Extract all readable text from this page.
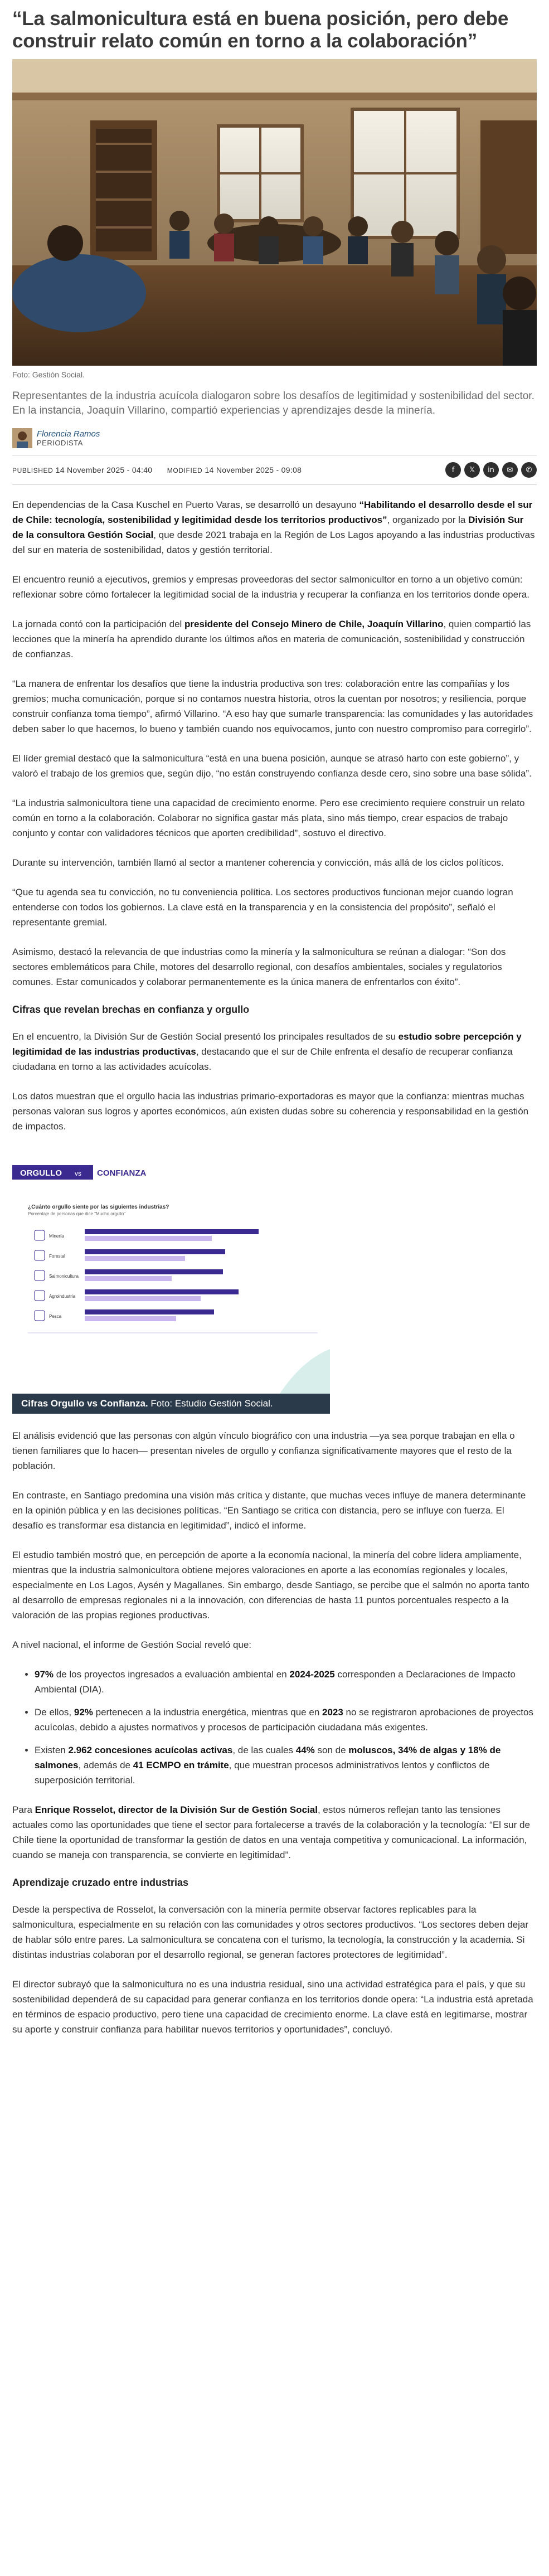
“La salmonicultura está en buena posición, pero debe construir relato común en torno a la colaboración”
Foto: Gestión Social.

Representantes de la industria acuícola dialogaron sobre los desafíos de legitimidad y sostenibilidad del sector. En la instancia, Joaquín Villarino, compartió experiencias y aprendizajes desde la minería.

Florencia Ramos
PERIODISTA
PUBLISHED 14 November 2025 - 04:40 MODIFIED 14 November 2025 - 09:08	f	𝕏	in	✉	✆

En dependencias de la Casa Kuschel en Puerto Varas, se desarrolló un desayuno “Habilitando el desarrollo desde el sur de Chile: tecnología, sostenibilidad y legitimidad desde los territorios productivos”, organizado por la División Sur de la consultora Gestión Social, que desde 2021 trabaja en la Región de Los Lagos apoyando a las industrias productivas del sur en materia de sostenibilidad, datos y gestión territorial.

El encuentro reunió a ejecutivos, gremios y empresas proveedoras del sector salmonicultor en torno a un objetivo común: reflexionar sobre cómo fortalecer la legitimidad social de la industria y recuperar la confianza en los territorios donde opera.

La jornada contó con la participación del presidente del Consejo Minero de Chile, Joaquín Villarino, quien compartió las lecciones que la minería ha aprendido durante los últimos años en materia de comunicación, sostenibilidad y construcción de confianzas.

“La manera de enfrentar los desafíos que tiene la industria productiva son tres: colaboración entre las compañías y los gremios; mucha comunicación, porque si no contamos nuestra historia, otros la cuentan por nosotros; y resiliencia, porque construir confianza toma tiempo”, afirmó Villarino. “A eso hay que sumarle transparencia: las comunidades y las autoridades deben saber lo que hacemos, lo bueno y también cuando nos equivocamos, junto con nuestro compromiso para corregirlo”.

El líder gremial destacó que la salmonicultura “está en una buena posición, aunque se atrasó harto con este gobierno”, y valoró el trabajo de los gremios que, según dijo, “no están construyendo confianza desde cero, sino sobre una base sólida”.

“La industria salmonicultora tiene una capacidad de crecimiento enorme. Pero ese crecimiento requiere construir un relato común en torno a la colaboración. Colaborar no significa gastar más plata, sino más tiempo, crear espacios de trabajo conjunto y contar con validadores técnicos que aporten credibilidad”, sostuvo el directivo.

Durante su intervención, también llamó al sector a mantener coherencia y convicción, más allá de los ciclos políticos.

“Que tu agenda sea tu convicción, no tu conveniencia política. Los sectores productivos funcionan mejor cuando logran entenderse con todos los gobiernos. La clave está en la transparencia y en la consistencia del propósito”, señaló el representante gremial.

Asimismo, destacó la relevancia de que industrias como la minería y la salmonicultura se reúnan a dialogar: “Son dos sectores emblemáticos para Chile, motores del desarrollo regional, con desafíos ambientales, sociales y regulatorios comunes. Estar comunicados y colaborar permanentemente es la única manera de enfrentarlos con éxito”.

Cifras que revelan brechas en confianza y orgullo

En el encuentro, la División Sur de Gestión Social presentó los principales resultados de su estudio sobre percepción y legitimidad de las industrias productivas, destacando que el sur de Chile enfrenta el desafío de recuperar confianza ciudadana en torno a las actividades acuícolas.

Los datos muestran que el orgullo hacia las industrias primario-exportadoras es mayor que la confianza: mientras muchas personas valoran sus logros y aportes económicos, aún existen dudas sobre su coherencia y responsabilidad en la gestión de impactos.

ORGULLO vs CONFIANZA
¿Cuánto orgullo siente por las siguientes industrias?
Porcentaje de personas que dice "Mucho orgullo"
Minería
Forestal
Salmonicultura
Agroindustria
Pesca
Cifras Orgullo vs Confianza. Foto: Estudio Gestión Social.

El análisis evidenció que las personas con algún vínculo biográfico con una industria —ya sea porque trabajan en ella o tienen familiares que lo hacen— presentan niveles de orgullo y confianza significativamente mayores que el resto de la población.

En contraste, en Santiago predomina una visión más crítica y distante, que muchas veces influye de manera determinante en la opinión pública y en las decisiones políticas. “En Santiago se critica con distancia, pero se influye con fuerza. El desafío es transformar esa distancia en legitimidad”, indicó el informe.

El estudio también mostró que, en percepción de aporte a la economía nacional, la minería del cobre lidera ampliamente, mientras que la industria salmonicultora obtiene mejores valoraciones en aporte a las economías regionales y locales, especialmente en Los Lagos, Aysén y Magallanes. Sin embargo, desde Santiago, se percibe que el salmón no aporta tanto al desarrollo de empresas regionales ni a la innovación, con diferencias de hasta 11 puntos porcentuales respecto a la valoración de las propias regiones productivas.

A nivel nacional, el informe de Gestión Social reveló que:

• 97% de los proyectos ingresados a evaluación ambiental en 2024-2025 corresponden a Declaraciones de Impacto Ambiental (DIA).
• De ellos, 92% pertenecen a la industria energética, mientras que en 2023 no se registraron aprobaciones de proyectos acuícolas, debido a ajustes normativos y procesos de participación ciudadana más exigentes.
• Existen 2.962 concesiones acuícolas activas, de las cuales 44% son de moluscos, 34% de algas y 18% de salmones, además de 41 ECMPO en trámite, que muestran procesos administrativos lentos y conflictos de superposición territorial.

Para Enrique Rosselot, director de la División Sur de Gestión Social, estos números reflejan tanto las tensiones actuales como las oportunidades que tiene el sector para fortalecerse a través de la colaboración y la tecnología: “El sur de Chile tiene la oportunidad de transformar la gestión de datos en una ventaja competitiva y comunicacional. La información, cuando se maneja con transparencia, se convierte en legitimidad”.

Aprendizaje cruzado entre industrias

Desde la perspectiva de Rosselot, la conversación con la minería permite observar factores replicables para la salmonicultura, especialmente en su relación con las comunidades y otros sectores productivos. “Los sectores deben dejar de hablar sólo entre pares. La salmonicultura se concatena con el turismo, la tecnología, la construcción y la academia. Si distintas industrias colaboran por el desarrollo regional, se generan factores protectores de legitimidad”.

El director subrayó que la salmonicultura no es una industria residual, sino una actividad estratégica para el país, y que su sostenibilidad dependerá de su capacidad para generar confianza en los territorios donde opera: “La industria está apretada en términos de espacio productivo, pero tiene una capacidad de crecimiento enorme. La clave está en legitimarse, mostrar su aporte y construir confianza para habilitar nuevos territorios y oportunidades”, concluyó.
